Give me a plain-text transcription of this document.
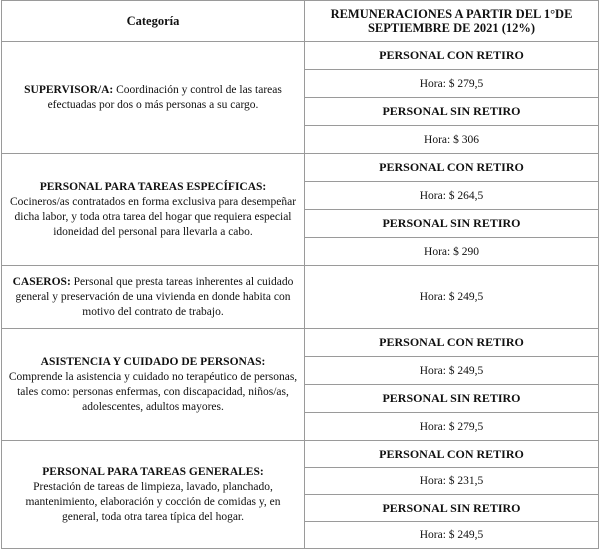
Categoría	REMUNERACIONES A PARTIR DEL 1°DE
SEPTIEMBRE DE 2021 (12%)

SUPERVISOR/A: Coordinación y control de las tareas efectuadas por dos o más personas a su cargo.	PERSONAL CON RETIRO
	Hora: $ 279,5
	PERSONAL SIN RETIRO
	Hora: $ 306
PERSONAL PARA TAREAS ESPECÍFICAS:
Cocineros/as contratados en forma exclusiva para desempeñar dicha labor, y toda otra tarea del hogar que requiera especial idoneidad del personal para llevarla a cabo.	PERSONAL CON RETIRO
	Hora: $ 264,5
	PERSONAL SIN RETIRO
	Hora: $ 290
CASEROS: Personal que presta tareas inherentes al cuidado general y preservación de una vivienda en donde habita con motivo del contrato de trabajo.	Hora: $ 249,5
ASISTENCIA Y CUIDADO DE PERSONAS:
Comprende la asistencia y cuidado no terapéutico de personas, tales como: personas enfermas, con discapacidad, niños/as, adolescentes, adultos mayores.	PERSONAL CON RETIRO
	Hora: $ 249,5
	PERSONAL SIN RETIRO
	Hora: $ 279,5
PERSONAL PARA TAREAS GENERALES:
Prestación de tareas de limpieza, lavado, planchado, mantenimiento, elaboración y cocción de comidas y, en general, toda otra tarea típica del hogar.	PERSONAL CON RETIRO
	Hora: $ 231,5
	PERSONAL SIN RETIRO
	Hora: $ 249,5
